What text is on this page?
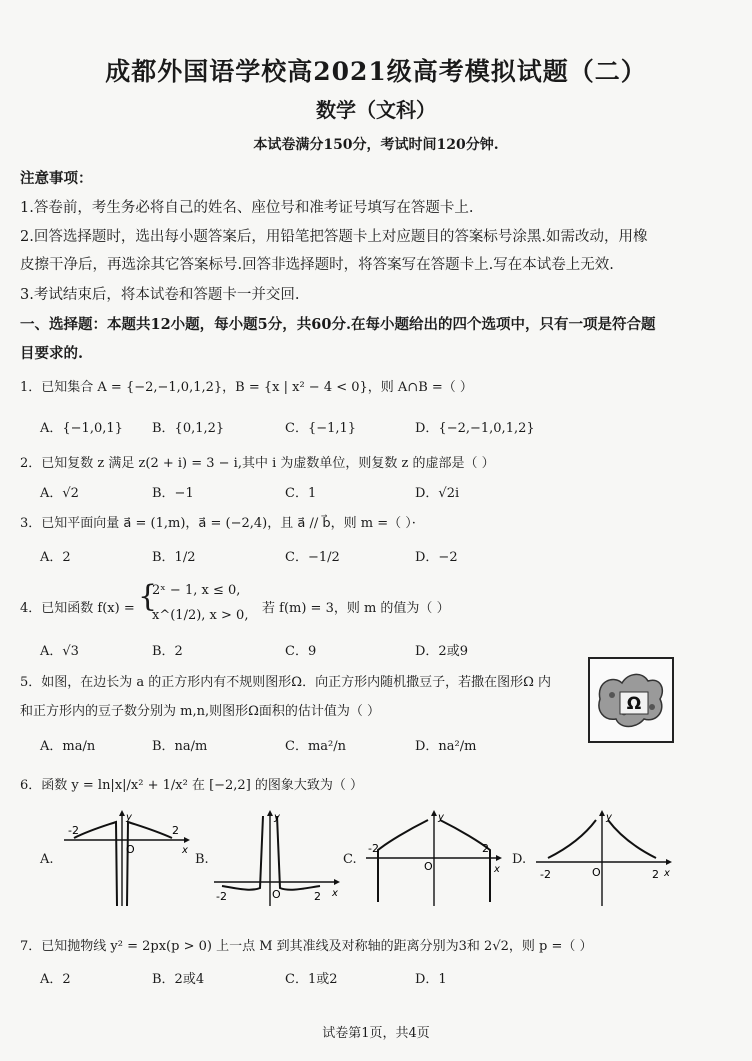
成都外国语学校高2021级高考模拟试题（二）
数学（文科）
本试卷满分150分，考试时间120分钟.
注意事项：
1.答卷前，考生务必将自己的姓名、座位号和准考证号填写在答题卡上.
2.回答选择题时，选出每小题答案后，用铅笔把答题卡上对应题目的答案标号涂黑.如需改动，用橡
皮擦干净后，再选涂其它答案标号.回答非选择题时，将答案写在答题卡上.写在本试卷上无效.
3.考试结束后，将本试卷和答题卡一并交回.
一、选择题：本题共12小题，每小题5分，共60分.在每小题给出的四个选项中，只有一项是符合题
目要求的.
1．已知集合 A = {−2,−1,0,1,2}，B = {x | x² − 4 < 0}，则 A∩B =（ ）
A．{−1,0,1} B．{0,1,2}	C．{−1,1}	D．{−2,−1,0,1,2}
2．已知复数 z 满足 z(2 + i) = 3 − i,其中 i 为虚数单位，则复数 z 的虚部是（ ）
A．√2	B．−1	C．1	D．√2i
3．已知平面向量 a⃗ = (1,m)，a⃗ = (−2,4)，且 a⃗ // b⃗，则 m =（ ）·
A．2	B．1/2	C．−1/2	D．−2
4．已知函数 f(x) = {
2ˣ − 1, x ≤ 0,
x^(1/2), x > 0, 若 f(m) = 3，则 m 的值为（ ）
A．√3	B．2	C．9	D．2或9
5．如图，在边长为 a 的正方形内有不规则图形Ω．向正方形内随机撒豆子，若撒在图形Ω 内
和正方形内的豆子数分别为 m,n,则图形Ω面积的估计值为（ ）
A．ma/n	B．na/m	C．ma²/n	D．na²/m
Ω
6．函数 y = ln|x|/x² + 1/x² 在 [−2,2] 的图象大致为（ ）
A.	B.	C.	D.
-2	2
O	x
y
-2	2
O	x
y
-2	2
O	x
y
-2	2
O	x
y
7．已知抛物线 y² = 2px(p > 0) 上一点 M 到其准线及对称轴的距离分别为3和 2√2，则 p =（ ）
A．2	B．2或4	C．1或2	D．1
试卷第1页，共4页
